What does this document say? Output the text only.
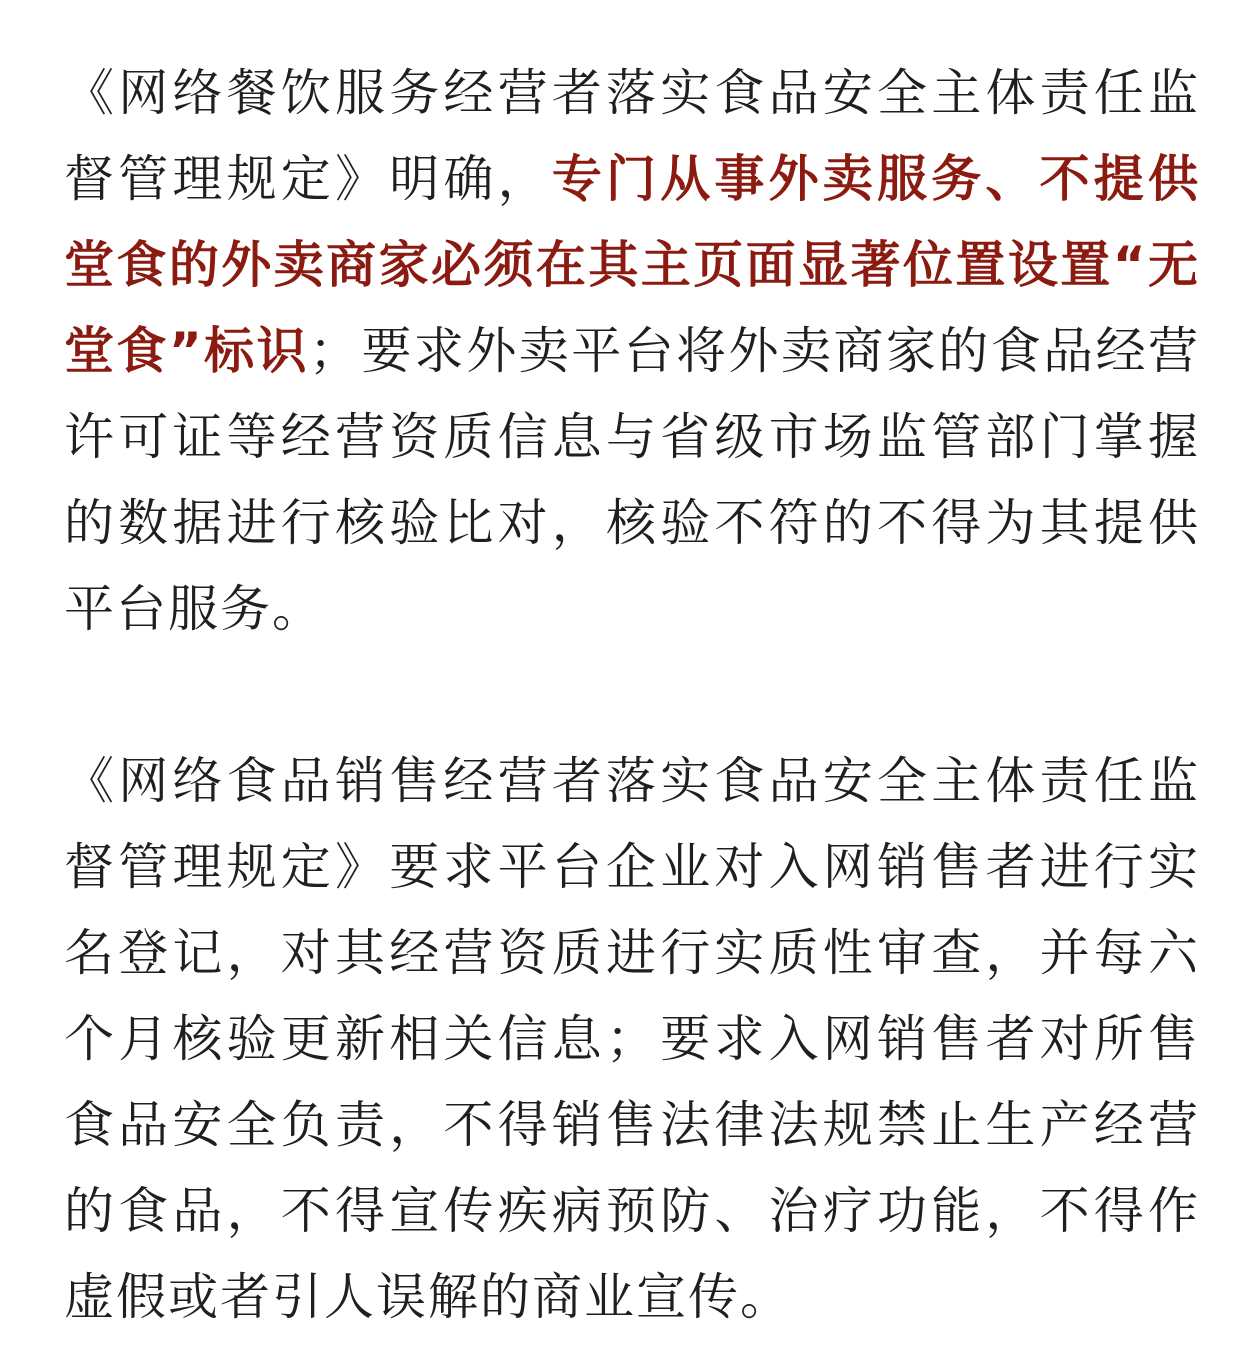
《网络餐饮服务经营者落实食品安全主体责任监督管理规定》明确，专门从事外卖服务、不提供堂食的外卖商家必须在其主页面显著位置设置“无堂食”标识；要求外卖平台将外卖商家的食品经营许可证等经营资质信息与省级市场监管部门掌握的数据进行核验比对，核验不符的不得为其提供平台服务。

《网络食品销售经营者落实食品安全主体责任监督管理规定》要求平台企业对入网销售者进行实名登记，对其经营资质进行实质性审查，并每六个月核验更新相关信息；要求入网销售者对所售食品安全负责，不得销售法律法规禁止生产经营的食品，不得宣传疾病预防、治疗功能，不得作虚假或者引人误解的商业宣传。
